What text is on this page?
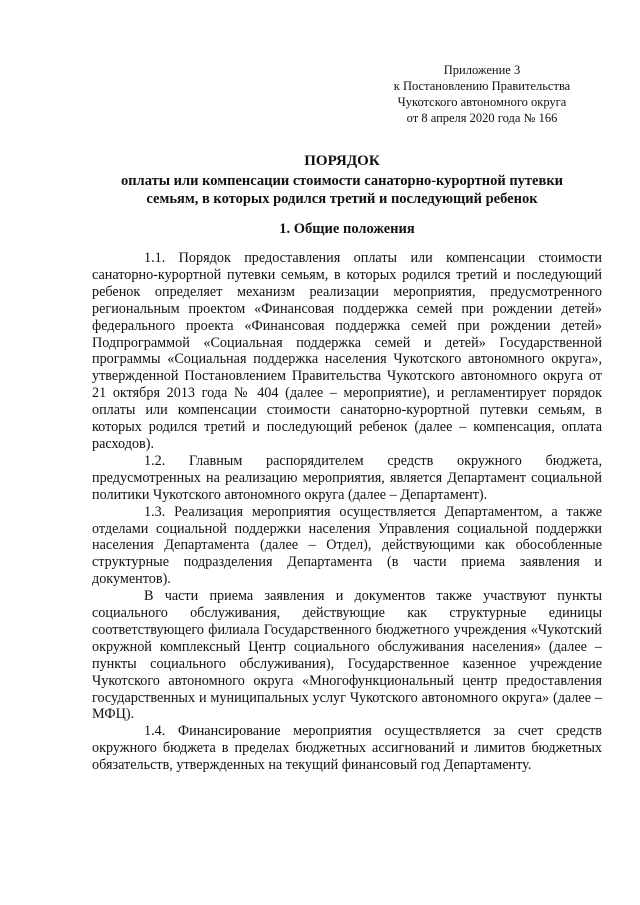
Приложение 3
к Постановлению Правительства
Чукотского автономного округа
от 8 апреля 2020 года № 166
ПОРЯДОК
оплаты или компенсации стоимости санаторно-курортной путевки
семьям, в которых родился третий и последующий ребенок
1. Общие положения

1.1. Порядок предоставления оплаты или компенсации стоимости санаторно-курортной путевки семьям, в которых родился третий и последующий ребенок определяет механизм реализации мероприятия, предусмотренного региональным проектом «Финансовая поддержка семей при рождении детей» федерального проекта «Финансовая поддержка семей при рождении детей» Подпрограммой «Социальная поддержка семей и детей» Государственной программы «Социальная поддержка населения Чукотского автономного округа», утвержденной Постановлением Правительства Чукотского автономного округа от 21 октября 2013 года № 404 (далее – мероприятие), и регламентирует порядок оплаты или компенсации стоимости санаторно-курортной путевки семьям, в которых родился третий и последующий ребенок (далее – компенсация, оплата расходов).

1.2. Главным распорядителем средств окружного бюджета, предусмотренных на реализацию мероприятия, является Департамент социальной политики Чукотского автономного округа (далее – Департамент).

1.3. Реализация мероприятия осуществляется Департаментом, а также отделами социальной поддержки населения Управления социальной поддержки населения Департамента (далее – Отдел), действующими как обособленные структурные подразделения Департамента (в части приема заявления и документов).

В части приема заявления и документов также участвуют пункты социального обслуживания, действующие как структурные единицы соответствующего филиала Государственного бюджетного учреждения «Чукотский окружной комплексный Центр социального обслуживания населения» (далее – пункты социального обслуживания), Государственное казенное учреждение Чукотского автономного округа «Многофункциональный центр предоставления государственных и муниципальных услуг Чукотского автономного округа» (далее – МФЦ).

1.4. Финансирование мероприятия осуществляется за счет средств окружного бюджета в пределах бюджетных ассигнований и лимитов бюджетных обязательств, утвержденных на текущий финансовый год Департаменту.
